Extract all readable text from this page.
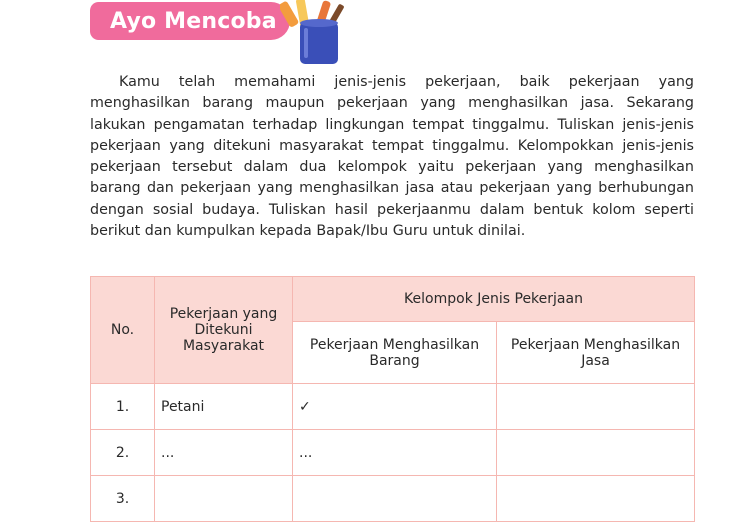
Ayo Mencoba

Kamu telah memahami jenis-jenis pekerjaan, baik pekerjaan yang menghasilkan barang maupun pekerjaan yang menghasilkan jasa. Sekarang lakukan pengamatan terhadap lingkungan tempat tinggalmu. Tuliskan jenis-jenis pekerjaan yang ditekuni masyarakat tempat tinggalmu. Kelompokkan jenis-jenis pekerjaan tersebut dalam dua kelompok yaitu pekerjaan yang menghasilkan barang dan pekerjaan yang menghasilkan jasa atau pekerjaan yang berhubungan dengan sosial budaya. Tuliskan hasil pekerjaanmu dalam bentuk kolom seperti berikut dan kumpulkan kepada Bapak/Ibu Guru untuk dinilai.

No.	Pekerjaan yang Ditekuni Masyarakat	Kelompok Jenis Pekerjaan	
		Pekerjaan Menghasilkan Barang	Pekerjaan Menghasilkan Jasa
1.	Petani	✓	
2.	...	...	
3.			
